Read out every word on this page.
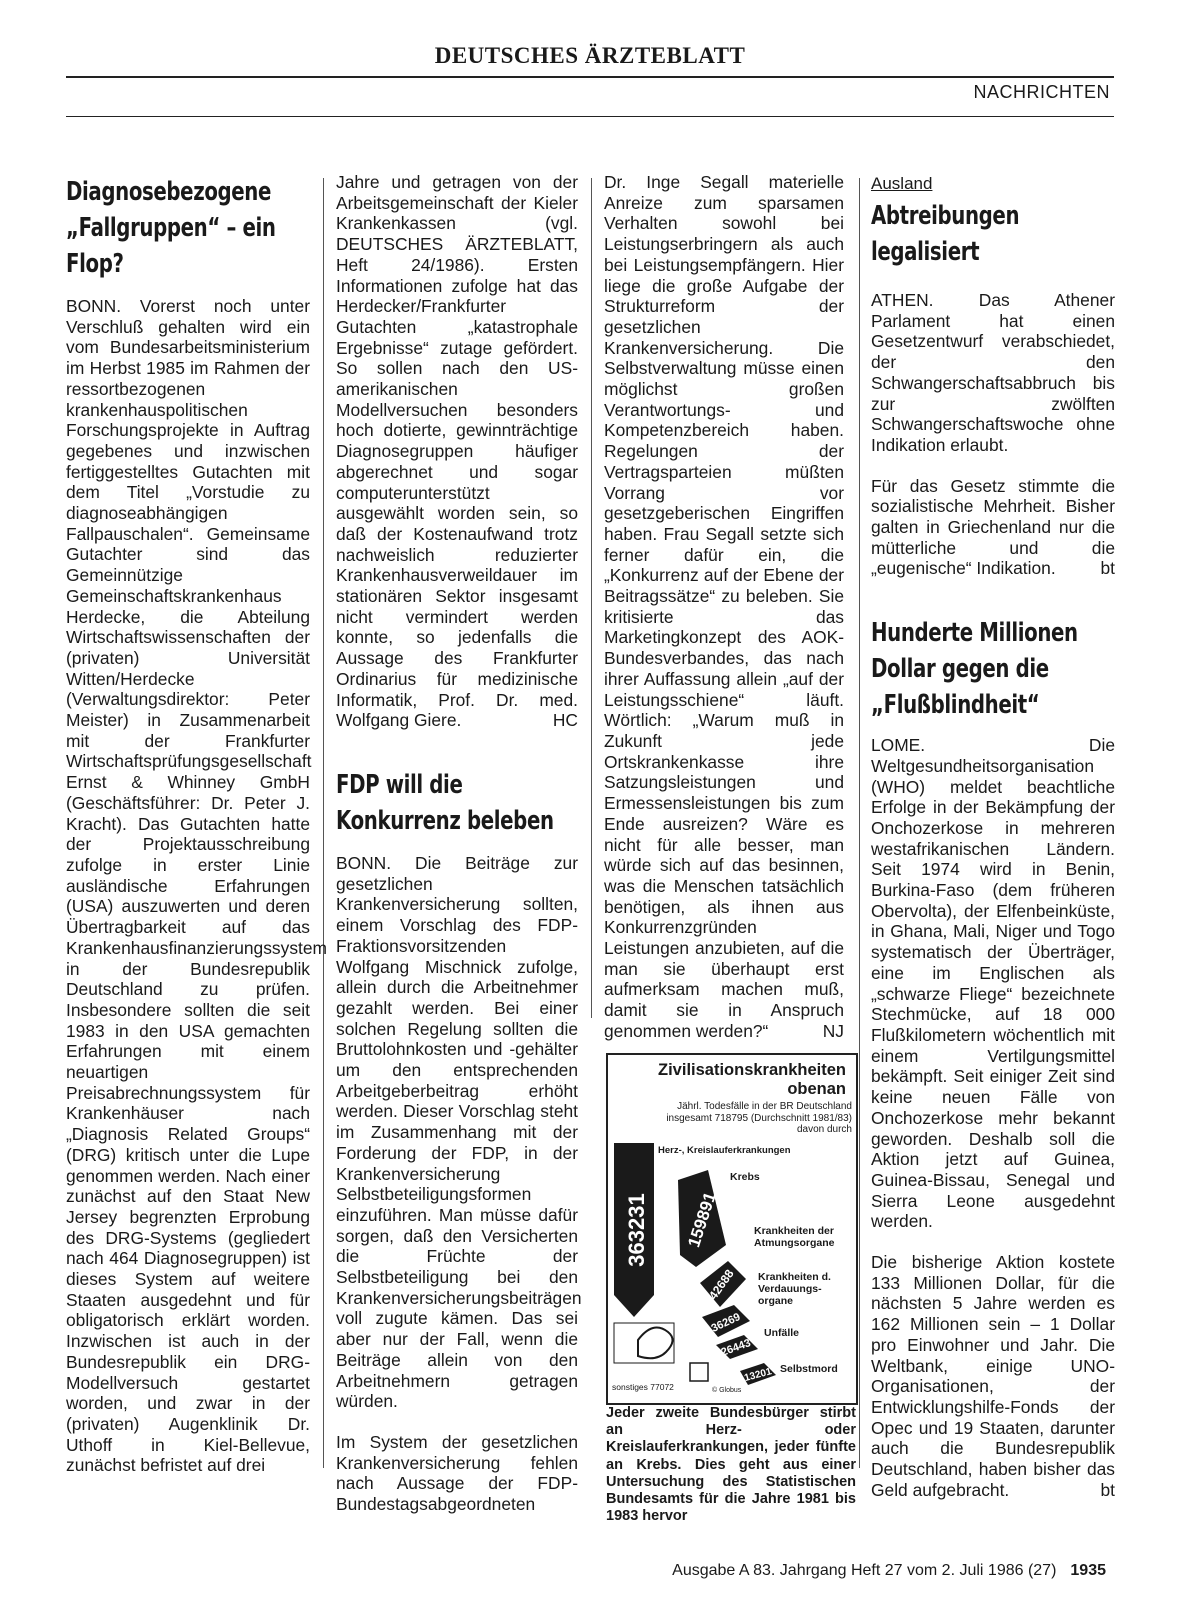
DEUTSCHES ÄRZTEBLATT
NACHRICHTEN
Diagnosebezogene „Fallgruppen“ – ein Flop?

BONN. Vorerst noch unter Verschluß gehalten wird ein vom Bundesarbeitsministerium im Herbst 1985 im Rahmen der ressortbezogenen krankenhauspolitischen Forschungsprojekte in Auftrag gegebenes und inzwischen fertiggestelltes Gutachten mit dem Titel „Vorstudie zu diagnoseabhängigen Fallpauschalen“. Gemeinsame Gutachter sind das Gemeinnützige Gemeinschaftskrankenhaus Herdecke, die Abteilung Wirtschaftswissenschaften der (privaten) Universität Witten/Herdecke (Verwaltungsdirektor: Peter Meister) in Zusammenarbeit mit der Frankfurter Wirtschaftsprüfungsgesellschaft Ernst & Whinney GmbH (Geschäftsführer: Dr. Peter J. Kracht). Das Gutachten hatte der Projektausschreibung zufolge in erster Linie ausländische Erfahrungen (USA) auszuwerten und deren Übertragbarkeit auf das Krankenhausfinanzierungssystem in der Bundesrepublik Deutschland zu prüfen. Insbesondere sollten die seit 1983 in den USA gemachten Erfahrungen mit einem neuartigen Preisabrechnungssystem für Krankenhäuser nach „Diagnosis Related Groups“ (DRG) kritisch unter die Lupe genommen werden. Nach einer zunächst auf den Staat New Jersey begrenzten Erprobung des DRG-Systems (gegliedert nach 464 Diagnosegruppen) ist dieses System auf weitere Staaten ausgedehnt und für obligatorisch erklärt worden. Inzwischen ist auch in der Bundesrepublik ein DRG-Modellversuch gestartet worden, und zwar in der (privaten) Augenklinik Dr. Uthoff in Kiel-Bellevue, zunächst befristet auf drei

Jahre und getragen von der Arbeitsgemeinschaft der Kieler Krankenkassen (vgl. DEUTSCHES ÄRZTEBLATT, Heft 24/1986). Ersten Informationen zufolge hat das Herdecker/Frankfurter Gutachten „katastrophale Ergebnisse“ zutage gefördert. So sollen nach den US-amerikanischen Modellversuchen besonders hoch dotierte, gewinnträchtige Diagnosegruppen häufiger abgerechnet und sogar computerunterstützt ausgewählt worden sein, so daß der Kostenaufwand trotz nachweislich reduzierter Krankenhausverweildauer im stationären Sektor insgesamt nicht vermindert werden konnte, so jedenfalls die Aussage des Frankfurter Ordinarius für medizinische Informatik, Prof. Dr. med. Wolfgang Giere.	HC

FDP will die Konkurrenz beleben

BONN. Die Beiträge zur gesetzlichen Krankenversicherung sollten, einem Vorschlag des FDP-Fraktionsvorsitzenden Wolfgang Mischnick zufolge, allein durch die Arbeitnehmer gezahlt werden. Bei einer solchen Regelung sollten die Bruttolohnkosten und -gehälter um den entsprechenden Arbeitgeberbeitrag erhöht werden. Dieser Vorschlag steht im Zusammenhang mit der Forderung der FDP, in der Krankenversicherung Selbstbeteiligungsformen einzuführen. Man müsse dafür sorgen, daß den Versicherten die Früchte der Selbstbeteiligung bei den Krankenversicherungsbeiträgen voll zugute kämen. Das sei aber nur der Fall, wenn die Beiträge allein von den Arbeitnehmern getragen würden.

Im System der gesetzlichen Krankenversicherung fehlen nach Aussage der FDP-Bundestagsabgeordneten

Dr. Inge Segall materielle Anreize zum sparsamen Verhalten sowohl bei Leistungserbringern als auch bei Leistungsempfängern. Hier liege die große Aufgabe der Strukturreform der gesetzlichen Krankenversicherung. Die Selbstverwaltung müsse einen möglichst großen Verantwortungs- und Kompetenzbereich haben. Regelungen der Vertragsparteien müßten Vorrang vor gesetzgeberischen Eingriffen haben. Frau Segall setzte sich ferner dafür ein, die „Konkurrenz auf der Ebene der Beitragssätze“ zu beleben. Sie kritisierte das Marketingkonzept des AOK-Bundesverbandes, das nach ihrer Auffassung allein „auf der Leistungsschiene“ läuft. Wörtlich: „Warum muß in Zukunft jede Ortskrankenkasse ihre Satzungsleistungen und Ermessensleistungen bis zum Ende ausreizen? Wäre es nicht für alle besser, man würde sich auf das besinnen, was die Menschen tatsächlich benötigen, als ihnen aus Konkurrenzgründen Leistungen anzubieten, auf die man sie überhaupt erst aufmerksam machen muß, damit sie in Anspruch genommen werden?“	NJ

Zivilisationskrankheiten
obenan
Jährl. Todesfälle in der BR Deutschland
insgesamt 718795 (Durchschnitt 1981/83)
davon durch
363231 159891
42688
36269
26443
13201
Herz-, Kreislauferkrankungen
Krebs
Krankheiten der Atmungsorgane
Krankheiten d. Verdauungs- organe
Unfälle
Selbstmord
sonstiges 77072	© Globus
Jeder zweite Bundesbürger stirbt an Herz- oder Kreislauferkrankungen, jeder fünfte an Krebs. Dies geht aus einer Untersuchung des Statistischen Bundesamts für die Jahre 1981 bis 1983 hervor
Ausland
Abtreibungen legalisiert

ATHEN. Das Athener Parlament hat einen Gesetzentwurf verabschiedet, der den Schwangerschaftsabbruch bis zur zwölften Schwangerschaftswoche ohne Indikation erlaubt.

Für das Gesetz stimmte die sozialistische Mehrheit. Bisher galten in Griechenland nur die mütterliche und die „eugenische“ Indikation.	bt

Hunderte Millionen Dollar gegen die „Flußblindheit“

LOME. Die Weltgesundheitsorganisation (WHO) meldet beachtliche Erfolge in der Bekämpfung der Onchozerkose in mehreren westafrikanischen Ländern. Seit 1974 wird in Benin, Burkina-Faso (dem früheren Obervolta), der Elfenbeinküste, in Ghana, Mali, Niger und Togo systematisch der Überträger, eine im Englischen als „schwarze Fliege“ bezeichnete Stechmücke, auf 18 000 Flußkilometern wöchentlich mit einem Vertilgungsmittel bekämpft. Seit einiger Zeit sind keine neuen Fälle von Onchozerkose mehr bekannt geworden. Deshalb soll die Aktion jetzt auf Guinea, Guinea-Bissau, Senegal und Sierra Leone ausgedehnt werden.

Die bisherige Aktion kostete 133 Millionen Dollar, für die nächsten 5 Jahre werden es 162 Millionen sein – 1 Dollar pro Einwohner und Jahr. Die Weltbank, einige UNO-Organisationen, der Entwicklungshilfe-Fonds der Opec und 19 Staaten, darunter auch die Bundesrepublik Deutschland, haben bisher das Geld aufgebracht.	bt

Ausgabe A 83. Jahrgang Heft 27 vom 2. Juli 1986 (27) 1935
